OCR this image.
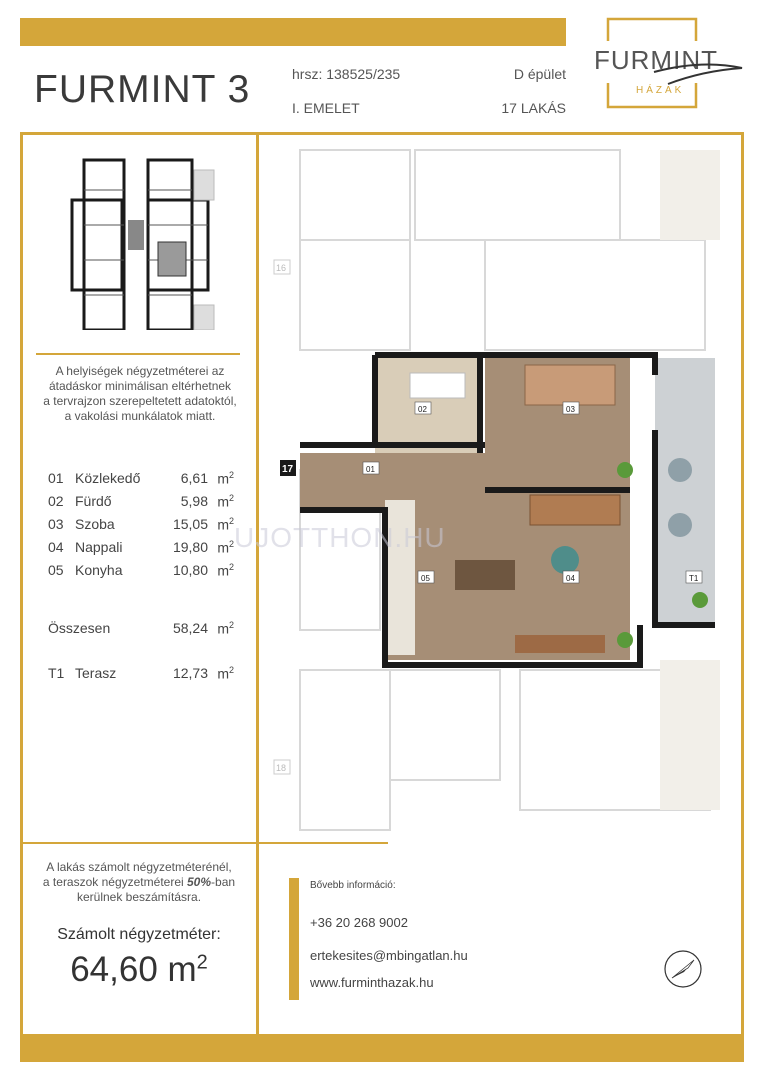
FURMINT 3	hrsz: 138525/235
I. EMELET
D épület
17 LAKÁS
FURMINT
HÁZAK
A helyiségek négyzetméterei az
átadáskor minimálisan eltérhetnek
a tervrajzon szerepeltetett adatoktól,
a vakolási munkálatok miatt.
01 Közlekedő	6,61 $m^2$
02 Fürdő	5,98 $m^2$
03 Szoba	15,05 $m^2$
04 Nappali	19,80 $m^2$
05 Konyha	10,80 $m^2$
Összesen	58,24 $m^2$
T1 Terasz	12,73 $m^2$
A lakás számolt négyzetméterénél,
a teraszok négyzetméterei 50%-ban
kerülnek beszámításra.
Számolt négyzetméter:
64,60 $m^2$
Bővebb információ:
+36 20 268 9002
ertekesites@mbingatlan.hu
www.furminthazak.hu
16
18
17	01
02	03
04
05	T1
UJOTTHON.HU
